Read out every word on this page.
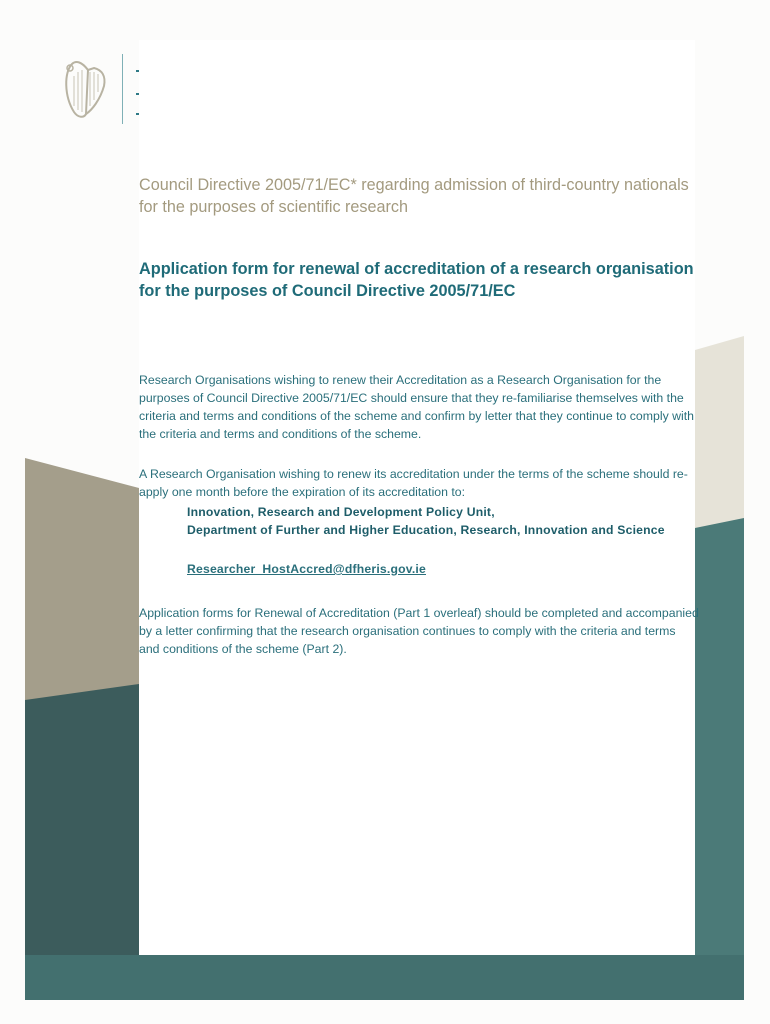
Council Directive 2005/71/EC* regarding admission of third-country nationals for the purposes of scientific research
Application form for renewal of accreditation of a research organisation for the purposes of Council Directive 2005/71/EC

Research Organisations wishing to renew their Accreditation as a Research Organisation for the purposes of Council Directive 2005/71/EC should ensure that they re-familiarise themselves with the criteria and terms and conditions of the scheme and confirm by letter that they continue to comply with the criteria and terms and conditions of the scheme.

A Research Organisation wishing to renew its accreditation under the terms of the scheme should re-apply one month before the expiration of its accreditation to:

Innovation, Research and Development Policy Unit,
Department of Further and Higher Education, Research, Innovation and Science
Researcher_HostAccred@dfheris.gov.ie

Application forms for Renewal of Accreditation (Part 1 overleaf) should be completed and accompanied by a letter confirming that the research organisation continues to comply with the criteria and terms and conditions of the scheme (Part 2).
